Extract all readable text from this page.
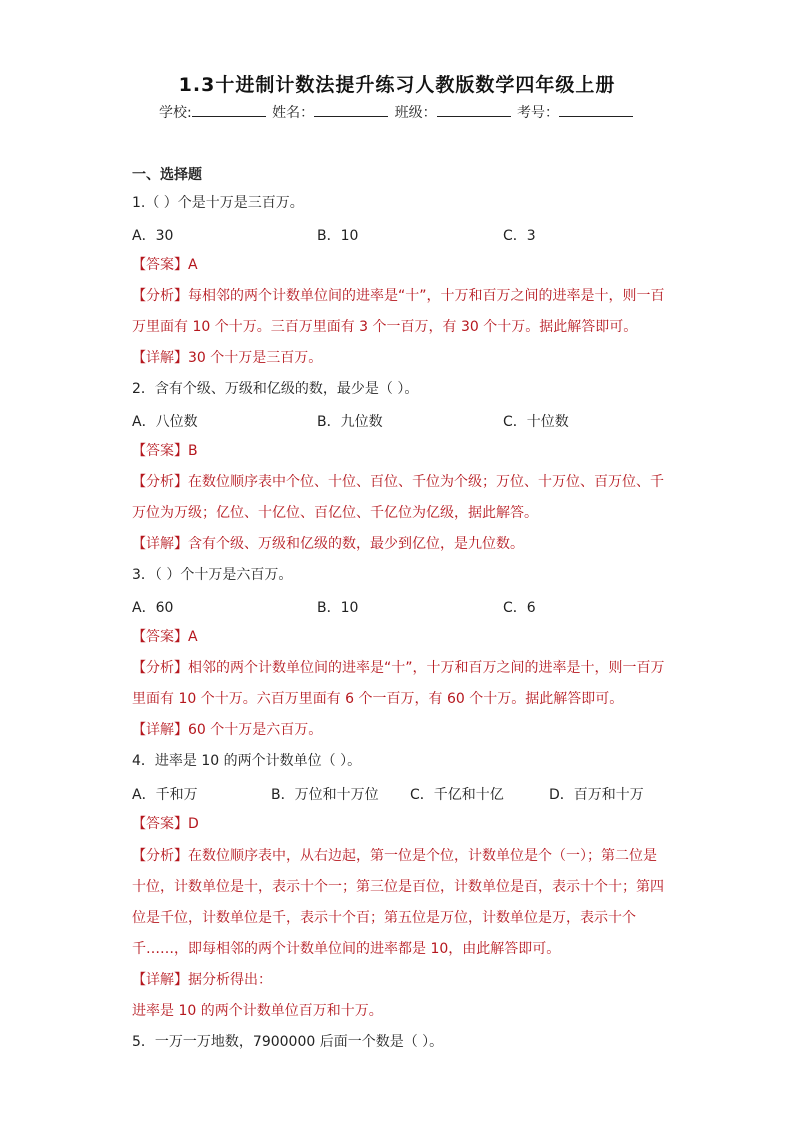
1.3十进制计数法提升练习人教版数学四年级上册
学校:	姓名：	班级：	考号：
一、选择题
1.（ ）个是十万是三百万。
A．30	B．10	C．3
【答案】A
【分析】每相邻的两个计数单位间的进率是“十”，十万和百万之间的进率是十，则一百
万里面有 10 个十万。三百万里面有 3 个一百万，有 30 个十万。据此解答即可。
【详解】30 个十万是三百万。
2．含有个级、万级和亿级的数，最少是（ ）。
A．八位数	B．九位数	C．十位数
【答案】B
【分析】在数位顺序表中个位、十位、百位、千位为个级；万位、十万位、百万位、千
万位为万级；亿位、十亿位、百亿位、千亿位为亿级，据此解答。
【详解】含有个级、万级和亿级的数，最少到亿位，是九位数。
3．（ ）个十万是六百万。
A．60	B．10	C．6
【答案】A
【分析】相邻的两个计数单位间的进率是“十”，十万和百万之间的进率是十，则一百万
里面有 10 个十万。六百万里面有 6 个一百万，有 60 个十万。据此解答即可。
【详解】60 个十万是六百万。
4．进率是 10 的两个计数单位（ ）。
A．千和万	B．万位和十万位 C．千亿和十亿	D．百万和十万
【答案】D
【分析】在数位顺序表中，从右边起，第一位是个位，计数单位是个（一）；第二位是
十位，计数单位是十，表示十个一；第三位是百位，计数单位是百，表示十个十；第四
位是千位，计数单位是千，表示十个百；第五位是万位，计数单位是万，表示十个
千……，即每相邻的两个计数单位间的进率都是 10，由此解答即可。
【详解】据分析得出：
进率是 10 的两个计数单位百万和十万。
5．一万一万地数，7900000 后面一个数是（ ）。
